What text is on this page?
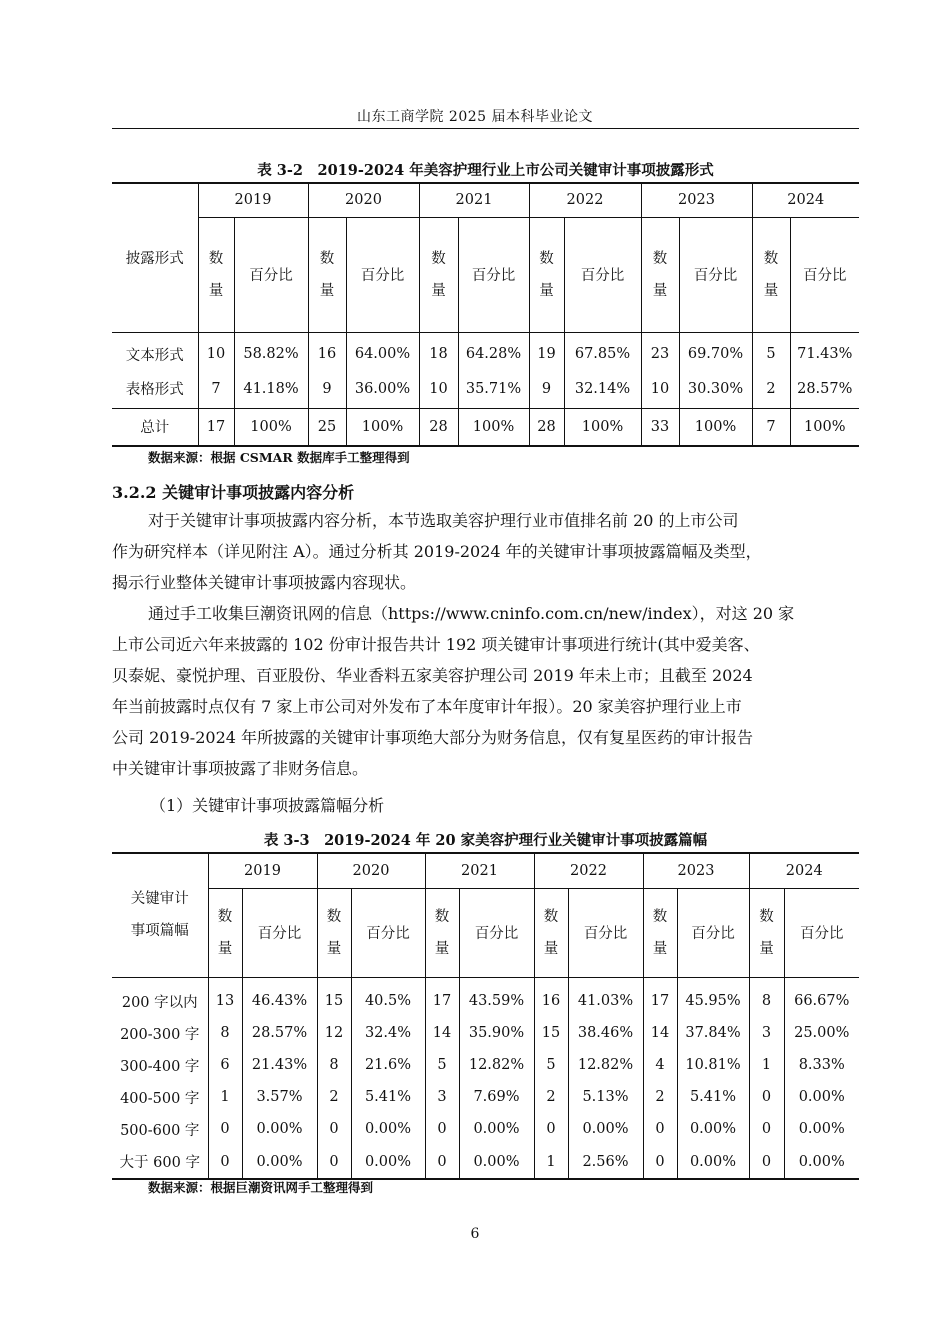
山东工商学院 2025 届本科毕业论文
表 3-2　2019-2024 年美容护理行业上市公司关键审计事项披露形式
披露形式	2019		2020		2021		2022		2023		2024	
	数
量	百分比	数
量	百分比	数
量	百分比	数
量	百分比	数
量	百分比	数
量	百分比
文本形式	10	58.82%	16	64.00%	18	64.28%	19	67.85%	23	69.70%	5	71.43%
表格形式	7	41.18%	9	36.00%	10	35.71%	9	32.14%	10	30.30%	2	28.57%
总计	17	100%	25	100%	28	100%	28	100%	33	100%	7	100%
数据来源：根据 CSMAR 数据库手工整理得到
3.2.2 关键审计事项披露内容分析
对于关键审计事项披露内容分析，本节选取美容护理行业市值排名前 20 的上市公司
作为研究样本（详见附注 A）。通过分析其 2019-2024 年的关键审计事项披露篇幅及类型，
揭示行业整体关键审计事项披露内容现状。
通过手工收集巨潮资讯网的信息（https://www.cninfo.com.cn/new/index），对这 20 家
上市公司近六年来披露的 102 份审计报告共计 192 项关键审计事项进行统计(其中爱美客、
贝泰妮、豪悦护理、百亚股份、华业香料五家美容护理公司 2019 年未上市；且截至 2024
年当前披露时点仅有 7 家上市公司对外发布了本年度审计年报）。20 家美容护理行业上市
公司 2019-2024 年所披露的关键审计事项绝大部分为财务信息，仅有复星医药的审计报告
中关键审计事项披露了非财务信息。
（1）关键审计事项披露篇幅分析
表 3-3　2019-2024 年 20 家美容护理行业关键审计事项披露篇幅
关键审计
事项篇幅	2019		2020		2021		2022		2023		2024	
	数
量	百分比	数
量	百分比	数
量	百分比	数
量	百分比	数
量	百分比	数
量	百分比
200 字以内	13	46.43%	15	40.5%	17	43.59%	16	41.03%	17	45.95%	8	66.67%
200-300 字	8	28.57%	12	32.4%	14	35.90%	15	38.46%	14	37.84%	3	25.00%
300-400 字	6	21.43%	8	21.6%	5	12.82%	5	12.82%	4	10.81%	1	8.33%
400-500 字	1	3.57%	2	5.41%	3	7.69%	2	5.13%	2	5.41%	0	0.00%
500-600 字	0	0.00%	0	0.00%	0	0.00%	0	0.00%	0	0.00%	0	0.00%
大于 600 字	0	0.00%	0	0.00%	0	0.00%	1	2.56%	0	0.00%	0	0.00%
数据来源：根据巨潮资讯网手工整理得到
6
